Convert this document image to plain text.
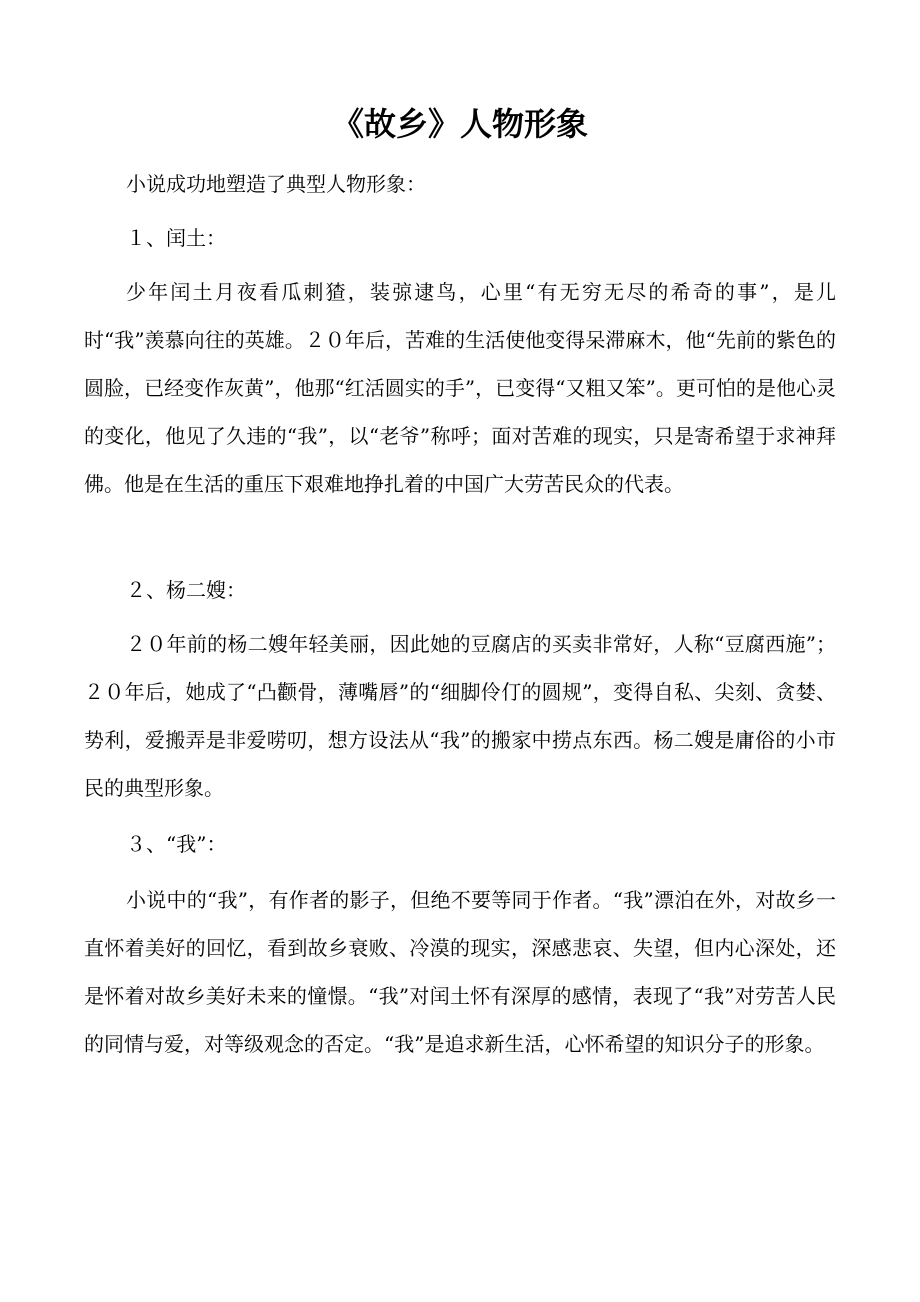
《故乡》人物形象

小说成功地塑造了典型人物形象：

１、闰土：

少年闰土月夜看瓜刺猹，装弶逮鸟，心里“有无穷无尽的希奇的事”，是儿时“我”羡慕向往的英雄。２０年后，苦难的生活使他变得呆滞麻木，他“先前的紫色的圆脸，已经变作灰黄”，他那“红活圆实的手”，已变得“又粗又笨”。更可怕的是他心灵的变化，他见了久违的“我”，以“老爷”称呼；面对苦难的现实，只是寄希望于求神拜佛。他是在生活的重压下艰难地挣扎着的中国广大劳苦民众的代表。

２、杨二嫂：

２０年前的杨二嫂年轻美丽，因此她的豆腐店的买卖非常好，人称“豆腐西施”；２０年后，她成了“凸颧骨，薄嘴唇”的“细脚伶仃的圆规”，变得自私、尖刻、贪婪、势利，爱搬弄是非爱唠叨，想方设法从“我”的搬家中捞点东西。杨二嫂是庸俗的小市民的典型形象。

３、“我”：

小说中的“我”，有作者的影子，但绝不要等同于作者。“我”漂泊在外，对故乡一直怀着美好的回忆，看到故乡衰败、冷漠的现实，深感悲哀、失望，但内心深处，还是怀着对故乡美好未来的憧憬。“我”对闰土怀有深厚的感情，表现了“我”对劳苦人民的同情与爱，对等级观念的否定。“我”是追求新生活，心怀希望的知识分子的形象。
